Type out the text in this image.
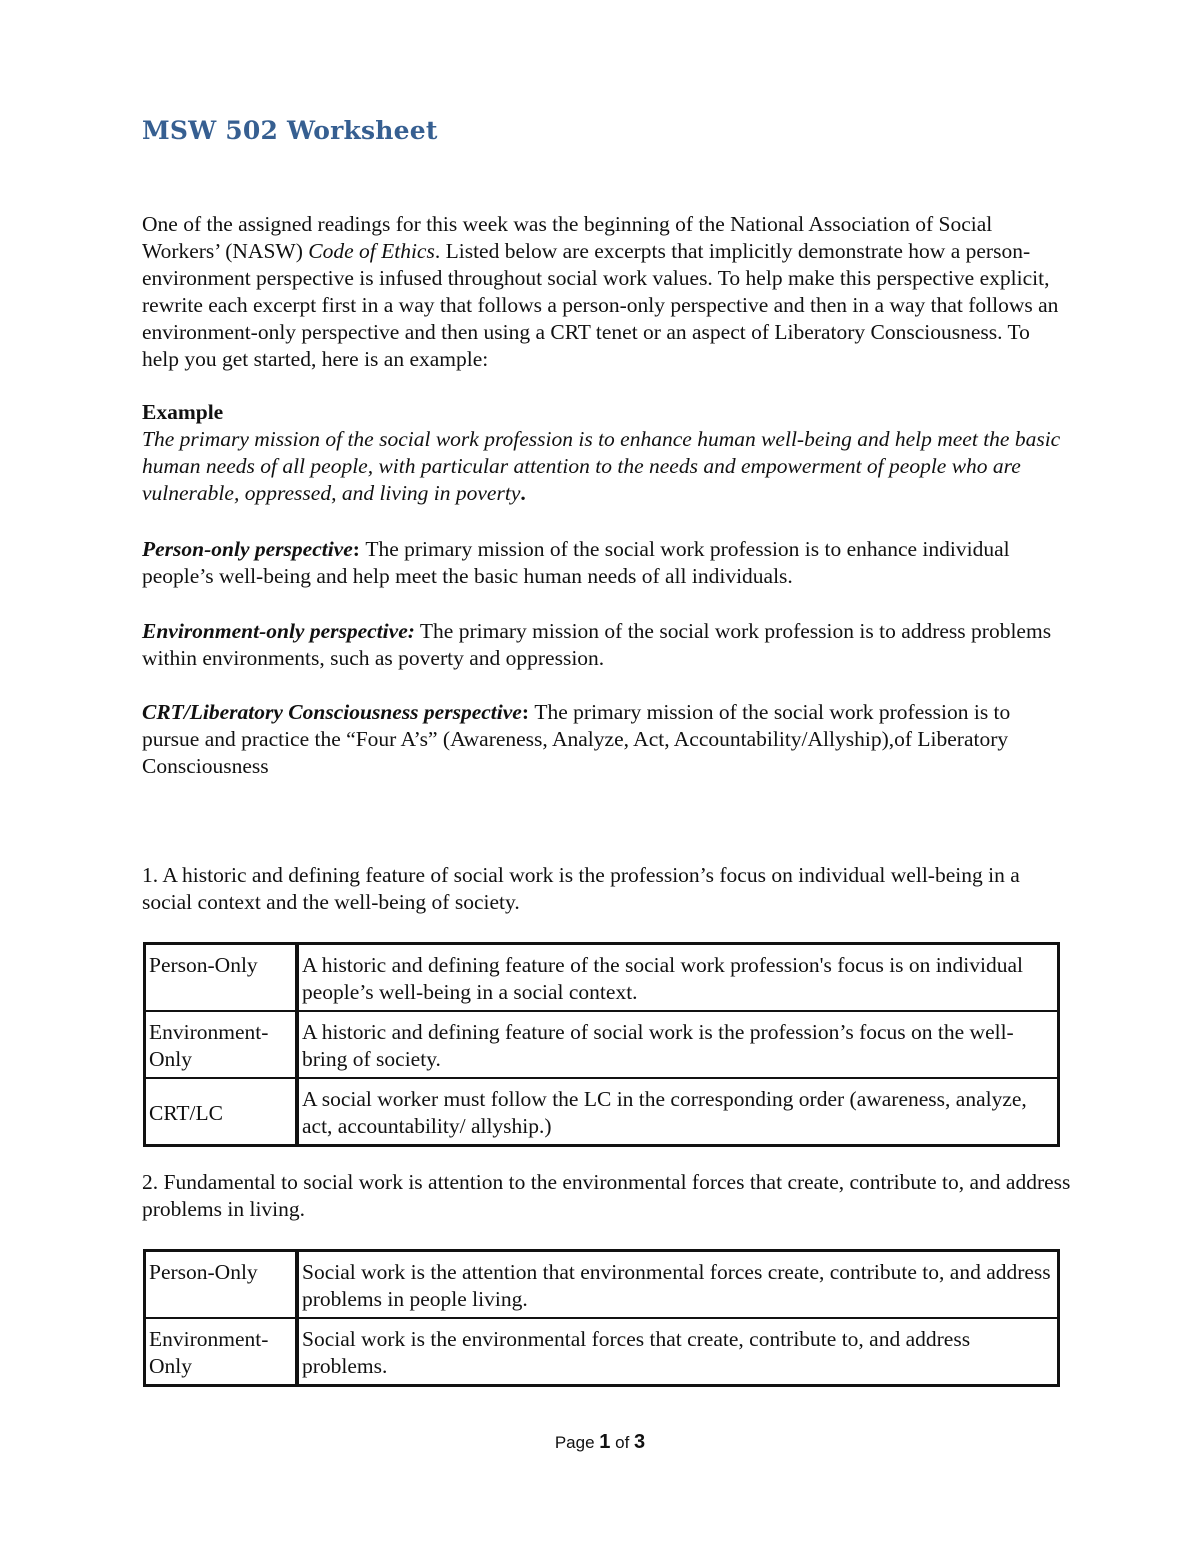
MSW 502 Worksheet
One of the assigned readings for this week was the beginning of the National Association of Social Workers’ (NASW) Code of Ethics. Listed below are excerpts that implicitly demonstrate how a person-environment perspective is infused throughout social work values. To help make this perspective explicit, rewrite each excerpt first in a way that follows a person-only perspective and then in a way that follows an environment-only perspective and then using a CRT tenet or an aspect of Liberatory Consciousness. To help you get started, here is an example:
Example
The primary mission of the social work profession is to enhance human well-being and help meet the basic human needs of all people, with particular attention to the needs and empowerment of people who are vulnerable, oppressed, and living in poverty.
Person-only perspective: The primary mission of the social work profession is to enhance individual people’s well-being and help meet the basic human needs of all individuals.
Environment-only perspective: The primary mission of the social work profession is to address problems within environments, such as poverty and oppression.
CRT/Liberatory Consciousness perspective: The primary mission of the social work profession is to pursue and practice the “Four A’s” (Awareness, Analyze, Act, Accountability/Allyship),of Liberatory Consciousness
1. A historic and defining feature of social work is the profession’s focus on individual well-being in a social context and the well-being of society.
Person-Only	A historic and defining feature of the social work profession's focus is on individual people’s well-being in a social context.
Environment-Only	A historic and defining feature of social work is the profession’s focus on the well-bring of society.
CRT/LC	A social worker must follow the LC in the corresponding order (awareness, analyze, act, accountability/ allyship.)
2. Fundamental to social work is attention to the environmental forces that create, contribute to, and address problems in living.
Person-Only	Social work is the attention that environmental forces create, contribute to, and address problems in people living.
Environment-Only	Social work is the environmental forces that create, contribute to, and address problems.
Page 1 of 3
